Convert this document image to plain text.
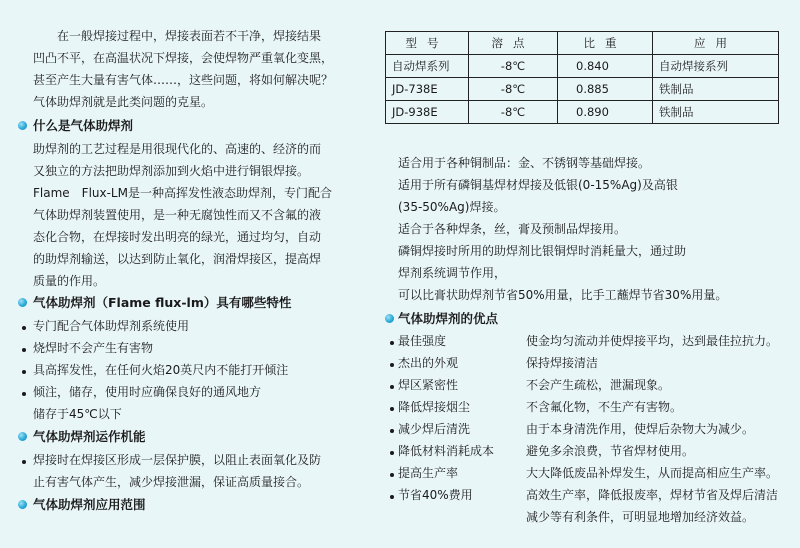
在一般焊接过程中，焊接表面若不干净，焊接结果
凹凸不平，在高温状况下焊接，会使焊物严重氧化变黑，
甚至产生大量有害气体……，这些问题，将如何解决呢？
气体助焊剂就是此类问题的克星。
什么是气体助焊剂
助焊剂的工艺过程是用很现代化的、高速的、经济的而
又独立的方法把助焊剂添加到火焰中进行铜银焊接。
Flame　Flux-LM是一种高挥发性液态助焊剂，专门配合
气体助焊剂装置使用，是一种无腐蚀性而又不含氟的液
态化合物，在焊接时发出明亮的绿光，通过均匀，自动
的助焊剂输送，以达到防止氧化，润滑焊接区，提高焊
质量的作用。
气体助焊剂（Flame flux-lm）具有哪些特性
专门配合气体助焊剂系统使用
烧焊时不会产生有害物
具高挥发性，在任何火焰20英尺内不能打开倾注
倾注，储存，使用时应确保良好的通风地方
储存于45℃以下
气体助焊剂运作机能
焊接时在焊接区形成一层保护膜，以阻止表面氧化及防
止有害气体产生，减少焊接泄漏，保证高质量接合。
气体助焊剂应用范围
型号	溶点	比重	应用
自动焊系列	-8℃	0.840	自动焊接系列
JD-738E	-8℃	0.885	铁制品
JD-938E	-8℃	0.890	铁制品
适合用于各种铜制品：金、不锈钢等基础焊接。
适用于所有磷铜基焊材焊接及低银(0-15%Ag)及高银
(35-50%Ag)焊接。
适合于各种焊条，丝，膏及预制品焊接用。
磷铜焊接时所用的助焊剂比银铜焊时消耗量大，通过助
焊剂系统调节作用，
可以比膏状助焊剂节省50%用量，比手工蘸焊节省30%用量。
气体助焊剂的优点
最佳强度	使金均匀流动并使焊接平均，达到最佳拉抗力。
杰出的外观	保持焊接清洁
焊区紧密性	不会产生疏松，泄漏现象。
降低焊接烟尘	不含氟化物，不生产有害物。
减少焊后清洗	由于本身清洗作用，使焊后杂物大为减少。
降低材料消耗成本	避免多余浪费，节省焊材使用。
提高生产率	大大降低废品补焊发生，从而提高相应生产率。
节省40%费用	高效生产率，降低报废率，焊材节省及焊后清洁
减少等有利条件，可明显地增加经济效益。
